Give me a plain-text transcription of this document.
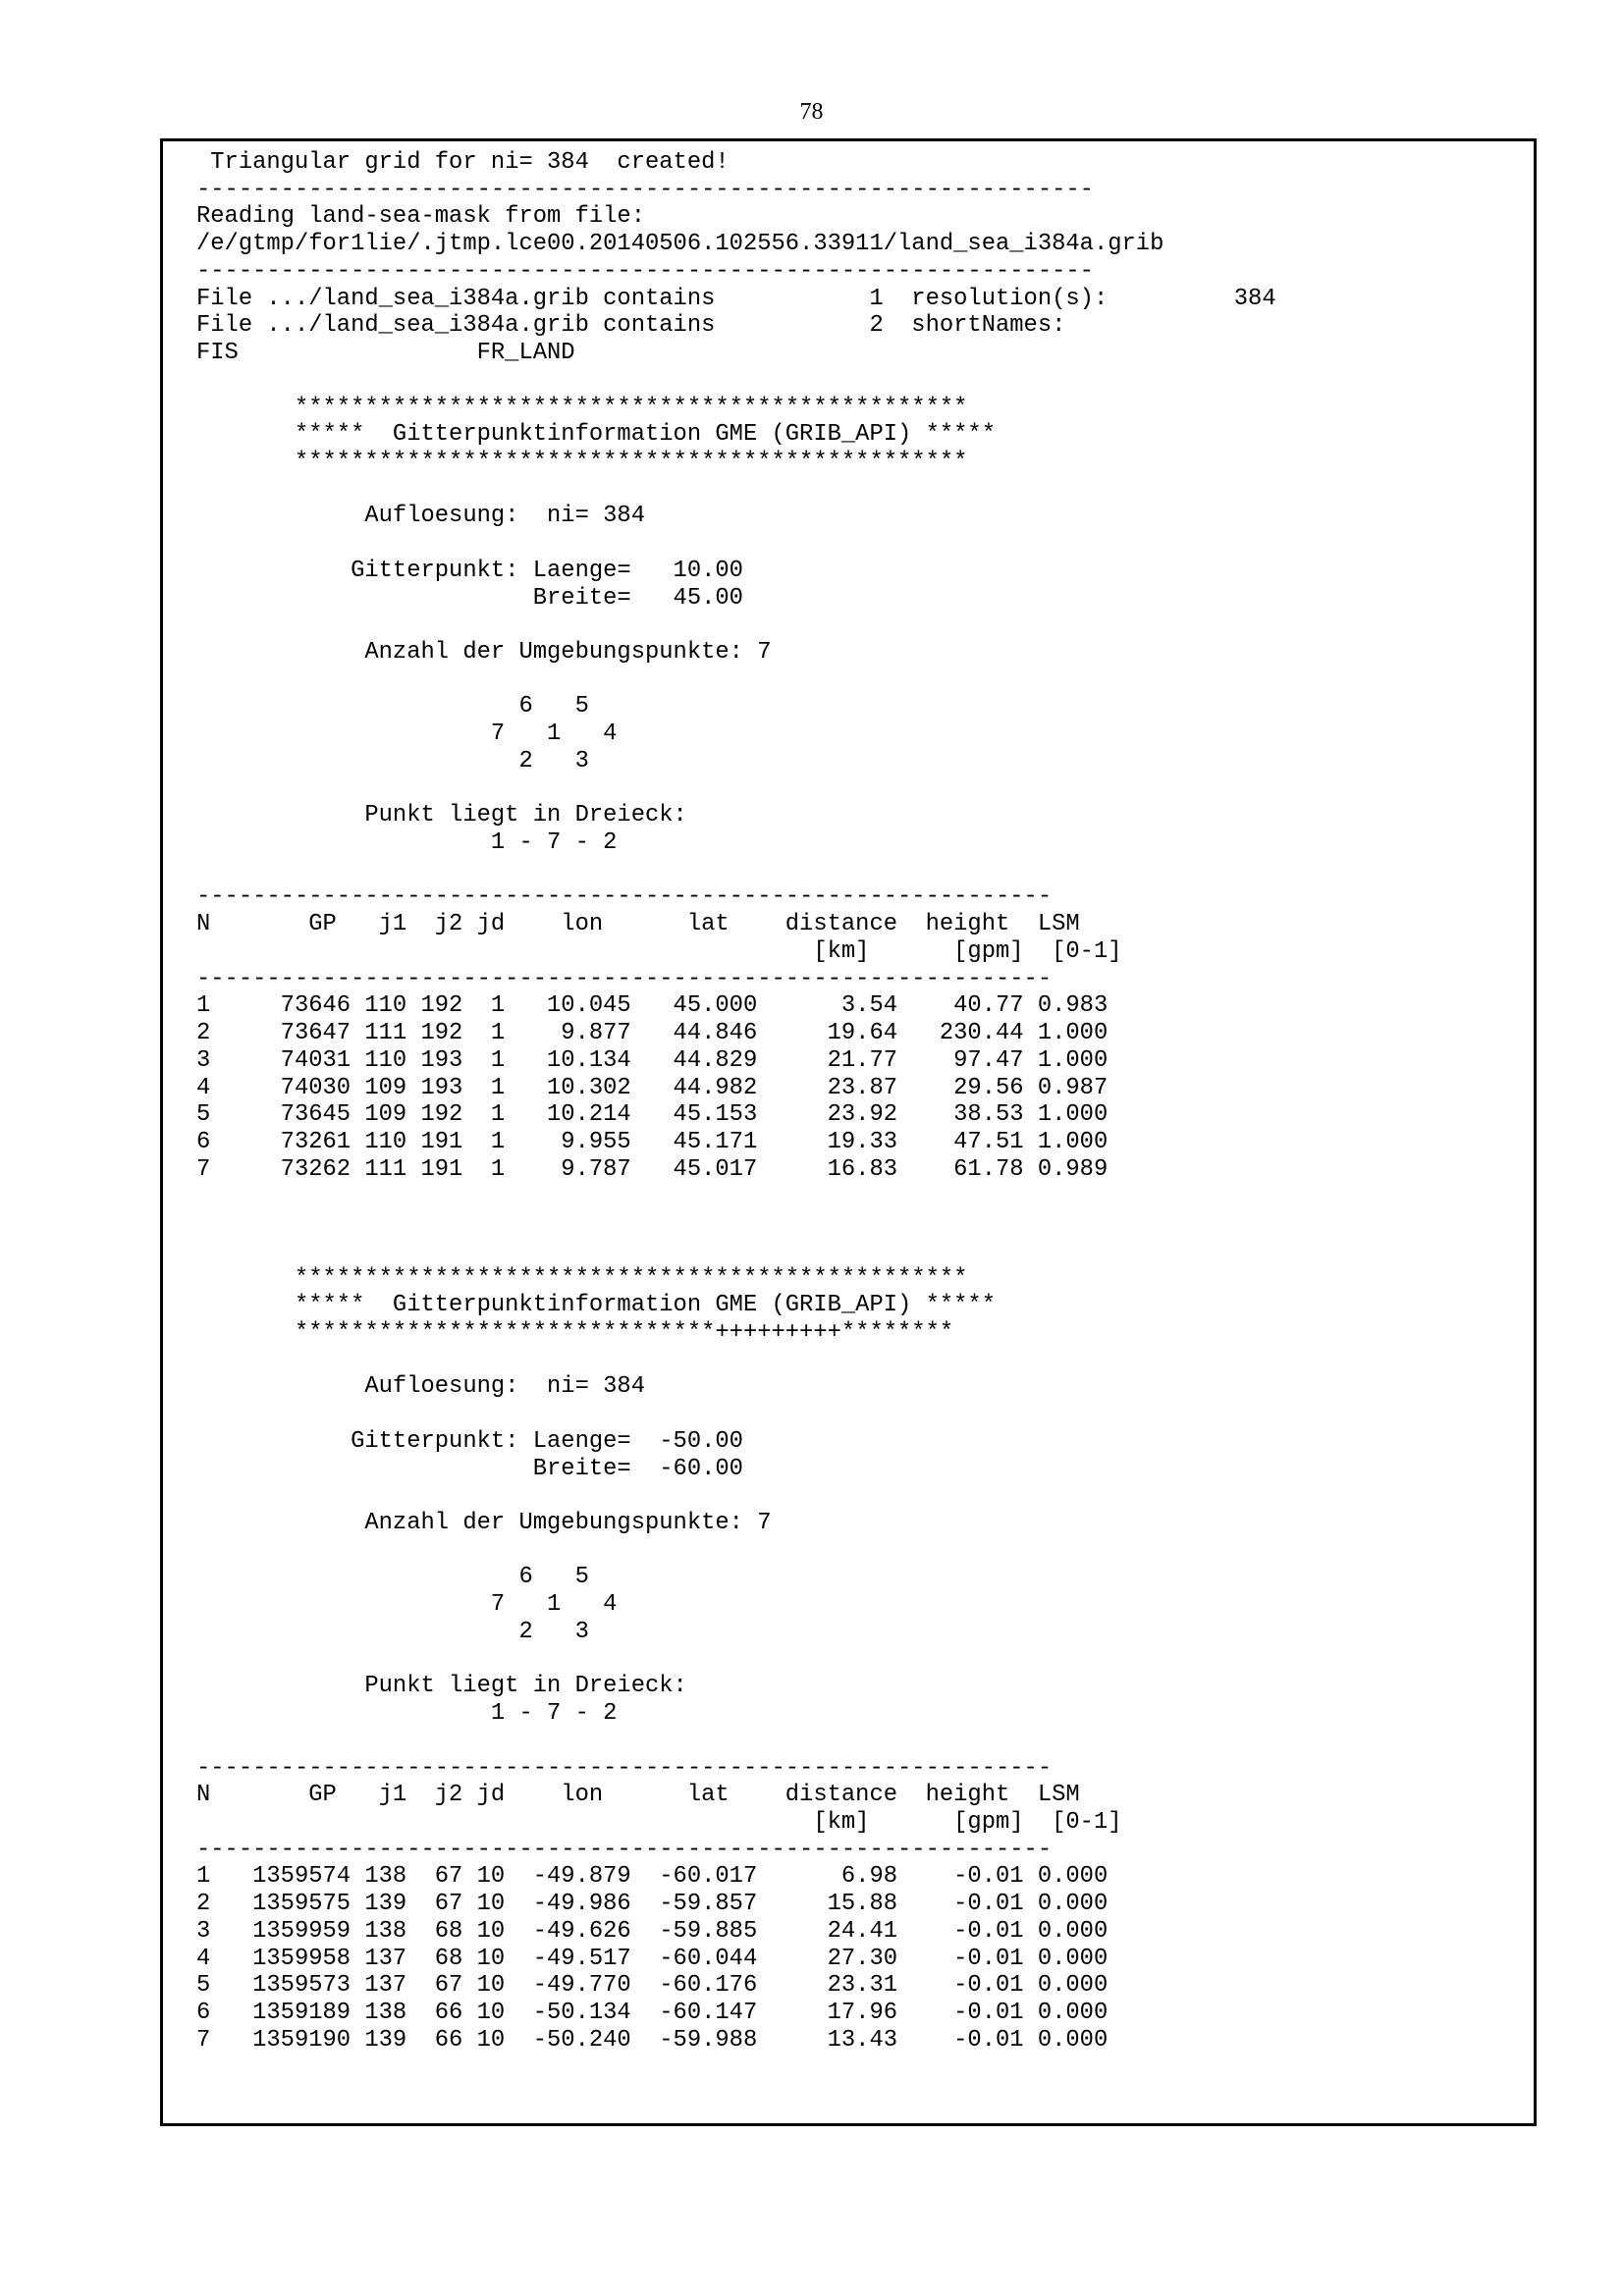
78
Triangular grid for ni= 384  created!
----------------------------------------------------------------
Reading land-sea-mask from file:
/e/gtmp/for1lie/.jtmp.lce00.20140506.102556.33911/land_sea_i384a.grib
----------------------------------------------------------------
File .../land_sea_i384a.grib contains           1  resolution(s):         384
File .../land_sea_i384a.grib contains           2  shortNames:
FIS                 FR_LAND
************************************************
*****  Gitterpunktinformation GME (GRIB_API) *****
************************************************
Aufloesung:  ni= 384
Gitterpunkt: Laenge=   10.00
Breite=   45.00
Anzahl der Umgebungspunkte: 7
6   5
7   1   4
2   3
Punkt liegt in Dreieck:
1 - 7 - 2
-------------------------------------------------------------
N       GP   j1  j2 jd    lon      lat    distance  height  LSM
[km]      [gpm]  [0-1]
-------------------------------------------------------------
1     73646 110 192  1   10.045   45.000      3.54    40.77 0.983
2     73647 111 192  1    9.877   44.846     19.64   230.44 1.000
3     74031 110 193  1   10.134   44.829     21.77    97.47 1.000
4     74030 109 193  1   10.302   44.982     23.87    29.56 0.987
5     73645 109 192  1   10.214   45.153     23.92    38.53 1.000
6     73261 110 191  1    9.955   45.171     19.33    47.51 1.000
7     73262 111 191  1    9.787   45.017     16.83    61.78 0.989
************************************************
*****  Gitterpunktinformation GME (GRIB_API) *****
******************************+++++++++********
Aufloesung:  ni= 384
Gitterpunkt: Laenge=  -50.00
Breite=  -60.00
Anzahl der Umgebungspunkte: 7
6   5
7   1   4
2   3
Punkt liegt in Dreieck:
1 - 7 - 2
-------------------------------------------------------------
N       GP   j1  j2 jd    lon      lat    distance  height  LSM
[km]      [gpm]  [0-1]
-------------------------------------------------------------
1   1359574 138  67 10  -49.879  -60.017      6.98    -0.01 0.000
2   1359575 139  67 10  -49.986  -59.857     15.88    -0.01 0.000
3   1359959 138  68 10  -49.626  -59.885     24.41    -0.01 0.000
4   1359958 137  68 10  -49.517  -60.044     27.30    -0.01 0.000
5   1359573 137  67 10  -49.770  -60.176     23.31    -0.01 0.000
6   1359189 138  66 10  -50.134  -60.147     17.96    -0.01 0.000
7   1359190 139  66 10  -50.240  -59.988     13.43    -0.01 0.000
